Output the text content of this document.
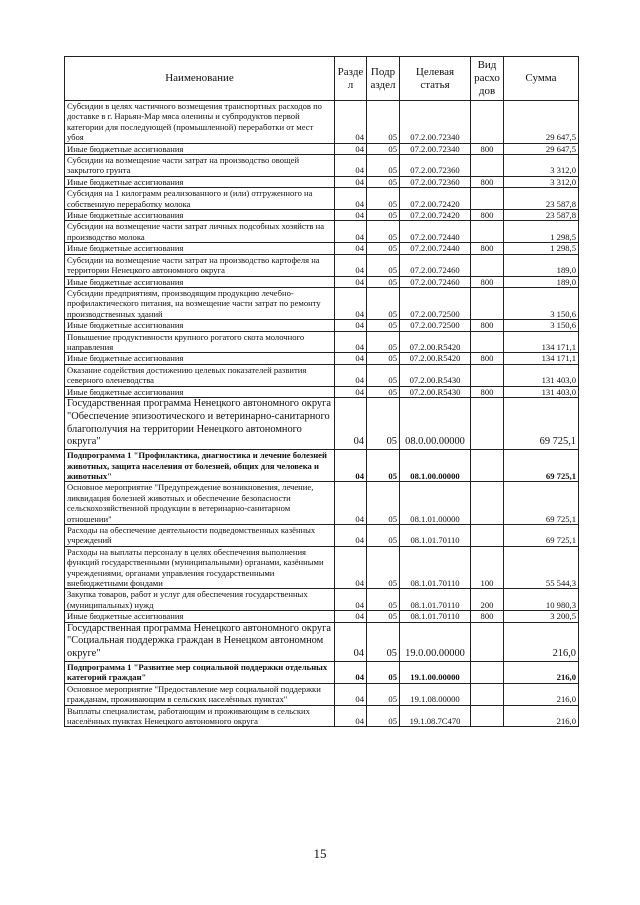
Наименование	Разде л	Подр аздел	Целевая статья	Вид расхо дов	Сумма
Субсидии в целях частичного возмещения транспортных расходов по доставке в г. Нарьян-Мар мяса оленины и субпродуктов первой категории для последующей (промышленной) переработки от мест убоя	04	05	07.2.00.72340		29 647,5
Иные бюджетные ассигнования	04	05	07.2.00.72340	800	29 647,5
Субсидии на возмещение части затрат на производство овощей закрытого грунта	04	05	07.2.00.72360		3 312,0
Иные бюджетные ассигнования	04	05	07.2.00.72360	800	3 312,0
Субсидия на 1 килограмм реализованного и (или) отгруженного на собственную переработку молока	04	05	07.2.00.72420		23 587,8
Иные бюджетные ассигнования	04	05	07.2.00.72420	800	23 587,8
Субсидии на возмещение части затрат личных подсобных хозяйств на производство молока	04	05	07.2.00.72440		1 298,5
Иные бюджетные ассигнования	04	05	07.2.00.72440	800	1 298,5
Субсидии на возмещение части затрат на производство картофеля на территории Ненецкого автономного округа	04	05	07.2.00.72460		189,0
Иные бюджетные ассигнования	04	05	07.2.00.72460	800	189,0
Субсидии предприятиям, производящим продукцию лечебно-профилактического питания, на возмещение части затрат по ремонту производственных зданий	04	05	07.2.00.72500		3 150,6
Иные бюджетные ассигнования	04	05	07.2.00.72500	800	3 150,6
Повышение продуктивности крупного рогатого скота молочного направления	04	05	07.2.00.R5420		134 171,1
Иные бюджетные ассигнования	04	05	07.2.00.R5420	800	134 171,1
Оказание содействия достижению целевых показателей развития северного оленеводства	04	05	07.2.00.R5430		131 403,0
Иные бюджетные ассигнования	04	05	07.2.00.R5430	800	131 403,0
Государственная программа Ненецкого автономного округа "Обеспечение эпизоотического и ветеринарно-санитарного благополучия на территории Ненецкого автономного округа"	04	05	08.0.00.00000		69 725,1
Подпрограмма 1 "Профилактика, диагностика и лечение болезней животных, защита населения от болезней, общих для человека и животных"	04	05	08.1.00.00000		69 725,1
Основное мероприятие "Предупреждение возникновения, лечение, ликвидация болезней животных и обеспечение безопасности сельскохозяйственной продукции в ветеринарно-санитарном отношении"	04	05	08.1.01.00000		69 725,1
Расходы на обеспечение деятельности подведомственных казённых учреждений	04	05	08.1.01.70110		69 725,1
Расходы на выплаты персоналу в целях обеспечения выполнения функций государственными (муниципальными) органами, казёнными учреждениями, органами управления государственными внебюджетными фондами	04	05	08.1.01.70110	100	55 544,3
Закупка товаров, работ и услуг для обеспечения государственных (муниципальных) нужд	04	05	08.1.01.70110	200	10 980,3
Иные бюджетные ассигнования	04	05	08.1.01.70110	800	3 200,5
Государственная программа Ненецкого автономного округа "Социальная поддержка граждан в Ненецком автономном округе"	04	05	19.0.00.00000		216,0
Подпрограмма 1 "Развитие мер социальной поддержки отдельных категорий граждан"	04	05	19.1.00.00000		216,0
Основное мероприятие "Предоставление мер социальной поддержки гражданам, проживающим в сельских населённых пунктах"	04	05	19.1.08.00000		216,0
Выплаты специалистам, работающим и проживающим в сельских населённых пунктах Ненецкого автономного округа	04	05	19.1.08.7С470		216,0
15
